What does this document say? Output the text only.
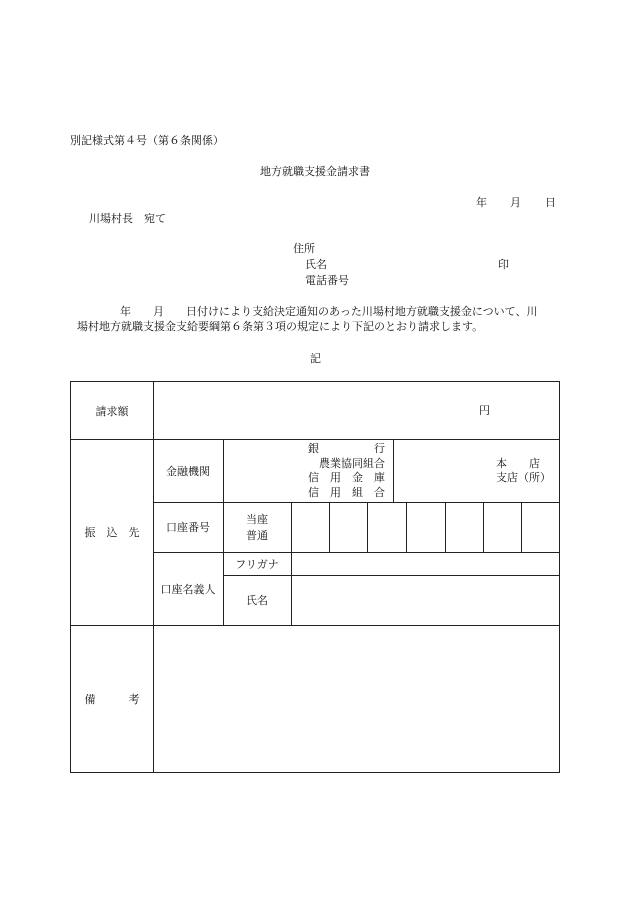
別記様式第４号（第６条関係）
地方就職支援金請求書
年 月 日
川場村長　宛て
住所
氏名	印
電話番号
年　　月　　日付けにより支給決定通知のあった川場村地方就職支援金について、川
場村地方就職支援金支給要綱第６条第３項の規定により下記のとおり請求します。
記
請求額	円
振　込　先
金融機関
銀　　　　　行
農業協同組合
信　用　金　庫
信　用　組　合
本　　店
支店（所）
口座番号
当座
普通
口座名義人
フリガナ
氏名
備　　　考
